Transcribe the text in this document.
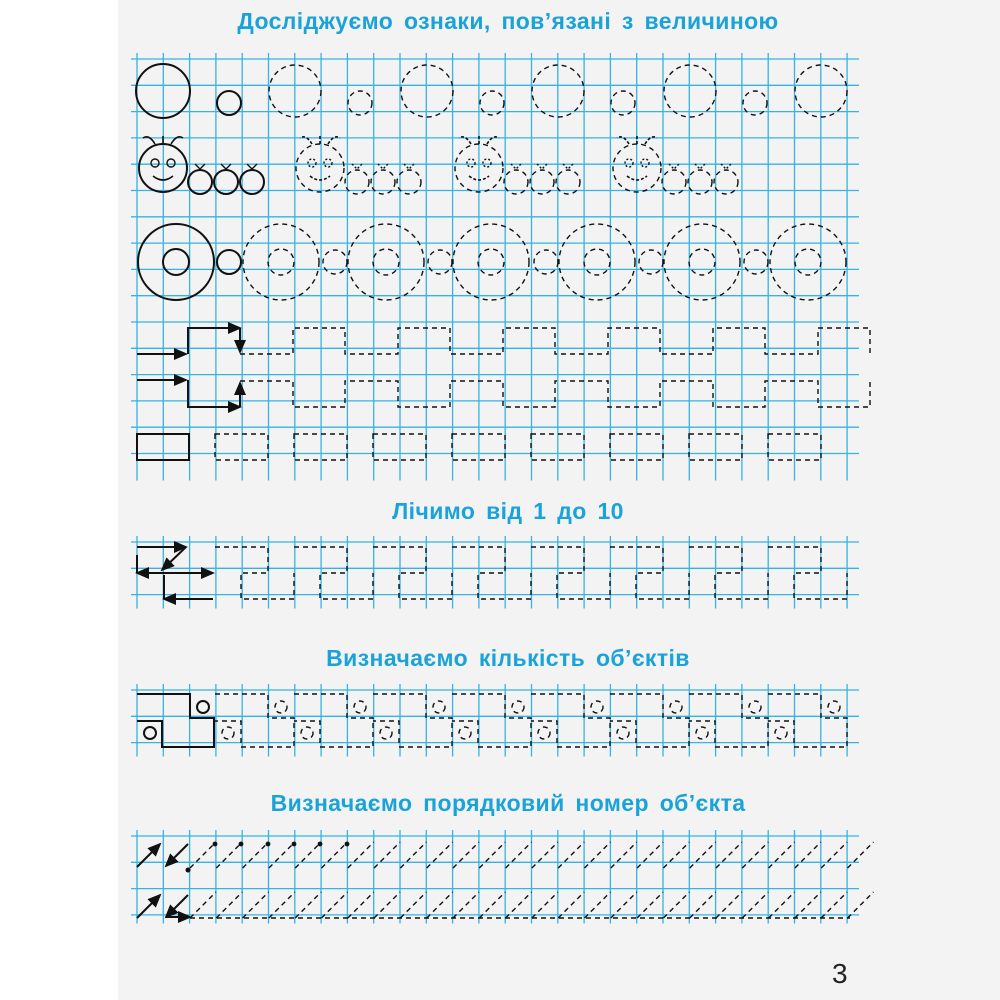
Досліджуємо ознаки, пов’язані з величиною
Лічимо від 1 до 10
Визначаємо кількість об’єктів
Визначаємо порядковий номер об’єкта
3
